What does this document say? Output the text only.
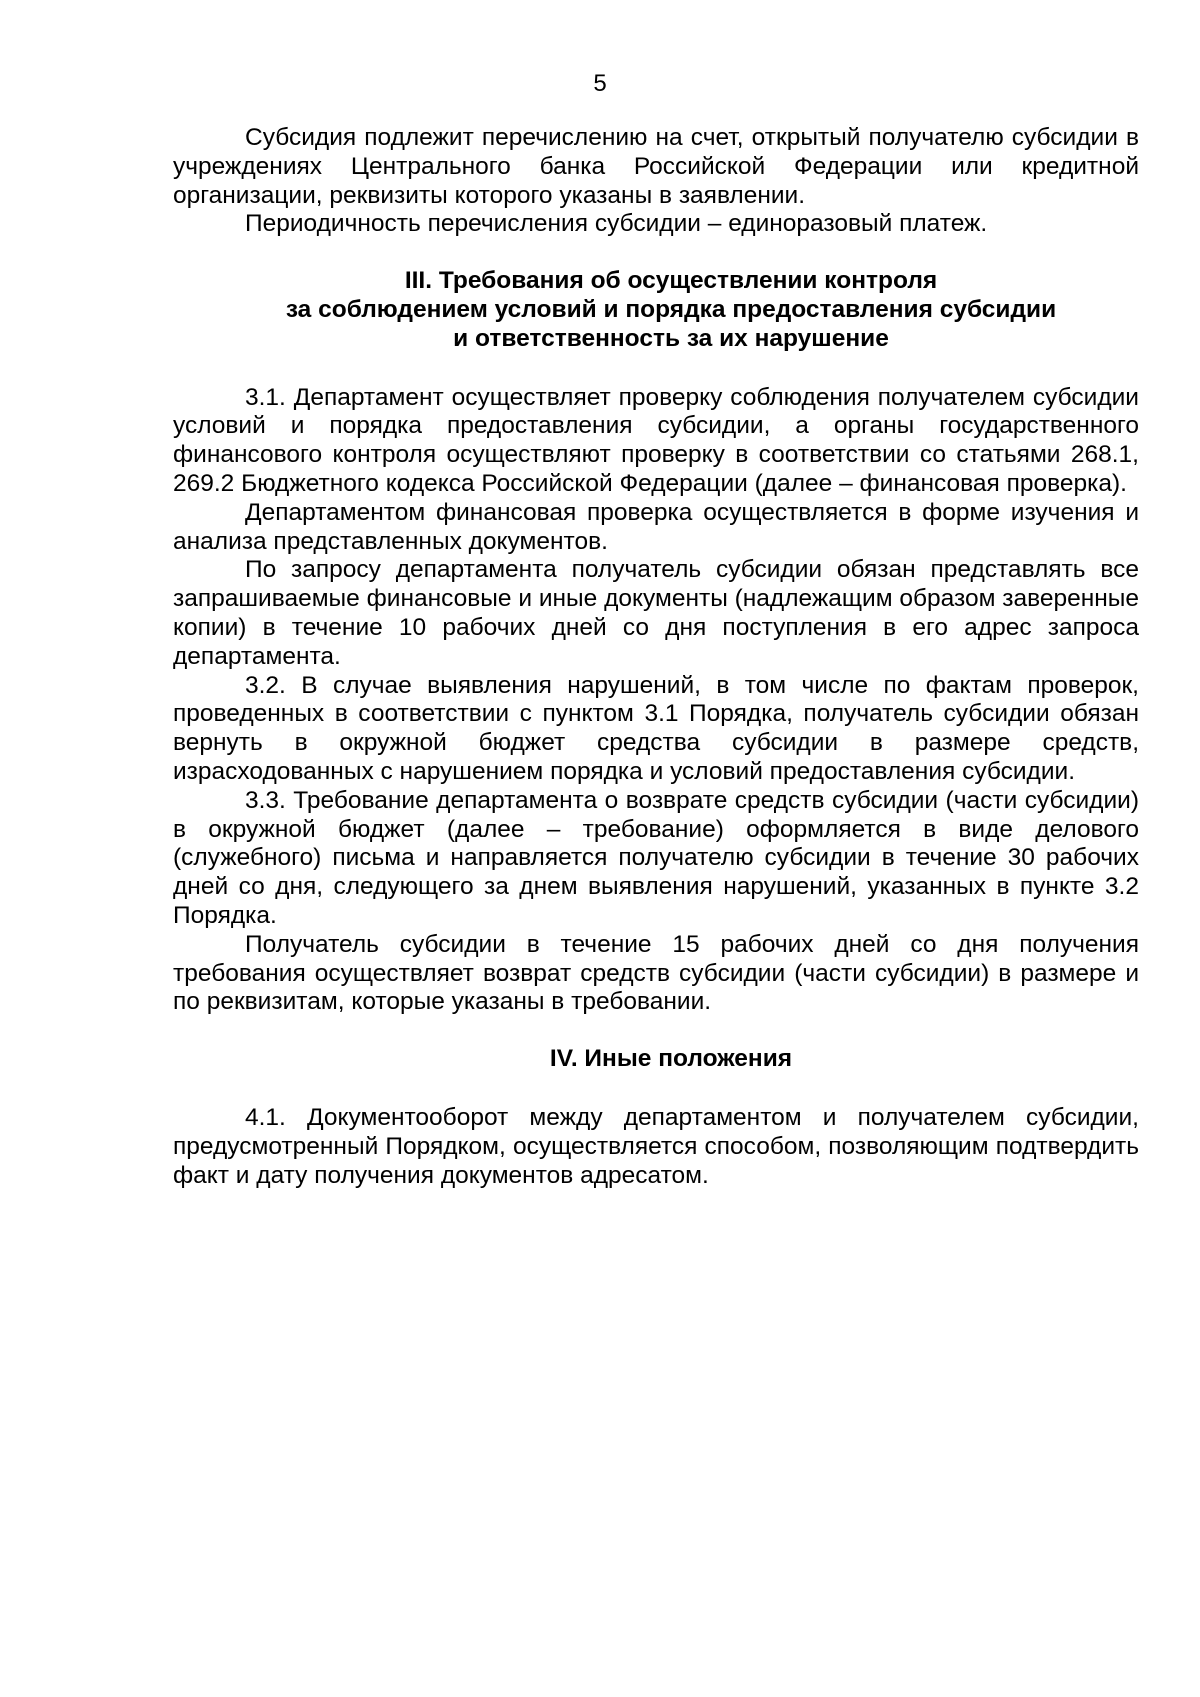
5

Субсидия подлежит перечислению на счет, открытый получателю субсидии в учреждениях Центрального банка Российской Федерации или кредитной организации, реквизиты которого указаны в заявлении.

Периодичность перечисления субсидии – единоразовый платеж.

III. Требования об осуществлении контроля

за соблюдением условий и порядка предоставления субсидии

и ответственность за их нарушение

3.1. Департамент осуществляет проверку соблюдения получателем субсидии условий и порядка предоставления субсидии, а органы государственного финансового контроля осуществляют проверку в соответствии со статьями 268.1, 269.2 Бюджетного кодекса Российской Федерации (далее – финансовая проверка).

Департаментом финансовая проверка осуществляется в форме изучения и анализа представленных документов.

По запросу департамента получатель субсидии обязан представлять все запрашиваемые финансовые и иные документы (надлежащим образом заверенные копии) в течение 10 рабочих дней со дня поступления в его адрес запроса департамента.

3.2. В случае выявления нарушений, в том числе по фактам проверок, проведенных в соответствии с пунктом 3.1 Порядка, получатель субсидии обязан вернуть в окружной бюджет средства субсидии в размере средств, израсходованных с нарушением порядка и условий предоставления субсидии.

3.3. Требование департамента о возврате средств субсидии (части субсидии) в окружной бюджет (далее – требование) оформляется в виде делового (служебного) письма и направляется получателю субсидии в течение 30 рабочих дней со дня, следующего за днем выявления нарушений, указанных в пункте 3.2 Порядка.

Получатель субсидии в течение 15 рабочих дней со дня получения требования осуществляет возврат средств субсидии (части субсидии) в размере и по реквизитам, которые указаны в требовании.

IV. Иные положения

4.1. Документооборот между департаментом и получателем субсидии, предусмотренный Порядком, осуществляется способом, позволяющим подтвердить факт и дату получения документов адресатом.
